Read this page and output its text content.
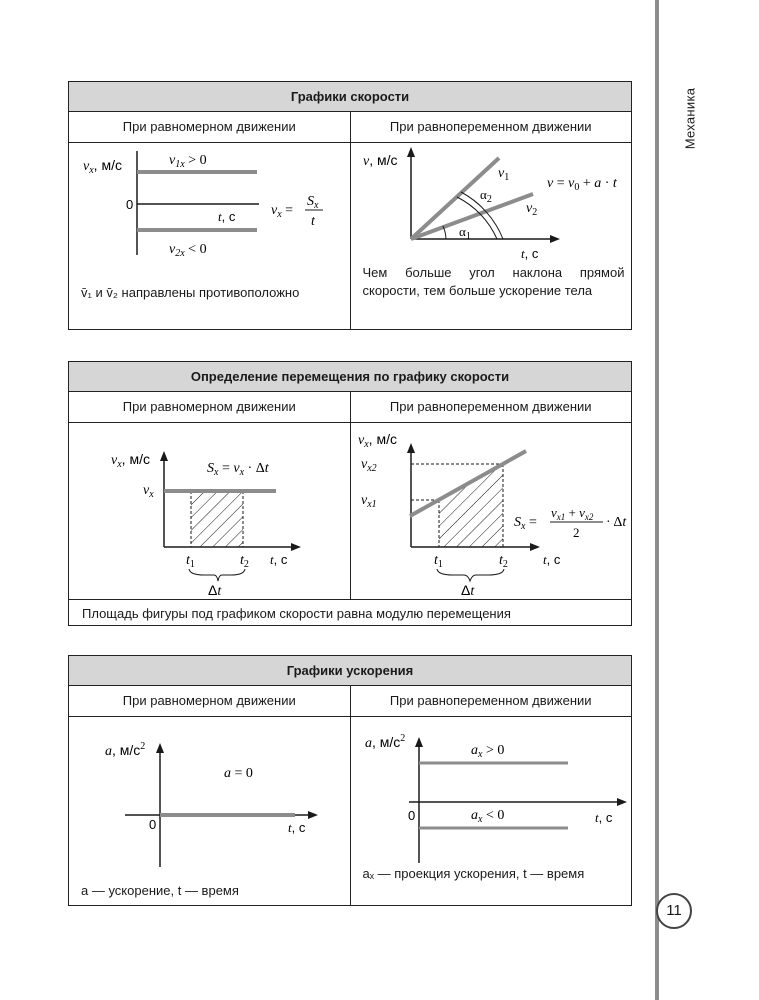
Механика
11
Графики скорости
При равномерном движении	При равнопеременном движении
$v_x$, м/с	$v_{1x} > 0$
0
t, с	$v_x$ =
$S_x$
t
$v_{2x} < 0$
v̄₁ и v̄₂ направлены противоположно
v, м/с
$v_1$
$\alpha_2$
$v_2$
$\alpha_1$
$v = v_0 + a \cdot t$
t, с
Чем больше угол наклона прямой скорости, тем больше ускорение тела
Определение перемещения по графику скорости
При равномерном движении	При равнопеременном движении
$v_x$, м/с
$S_x = v_x \cdot \Delta t$
$v_x$
$t_1$	$t_2$ t, с
Δt
$v_x$, м/с
$v_{x2}$
$v_{x1}$
$S_x$ =
$v_{x1} + v_{x2}$
2
· Δt
$t_1$	$t_2$	t, с
Δt
Площадь фигуры под графиком скорости равна модулю перемещения
Графики ускорения
При равномерном движении	При равнопеременном движении
a, $м/с^2$
a = 0
0	t, с
a — ускорение, t — время
a, $м/с^2$
$a_x > 0$
0	$a_x < 0$	t, с
aₓ — проекция ускорения, t — время
